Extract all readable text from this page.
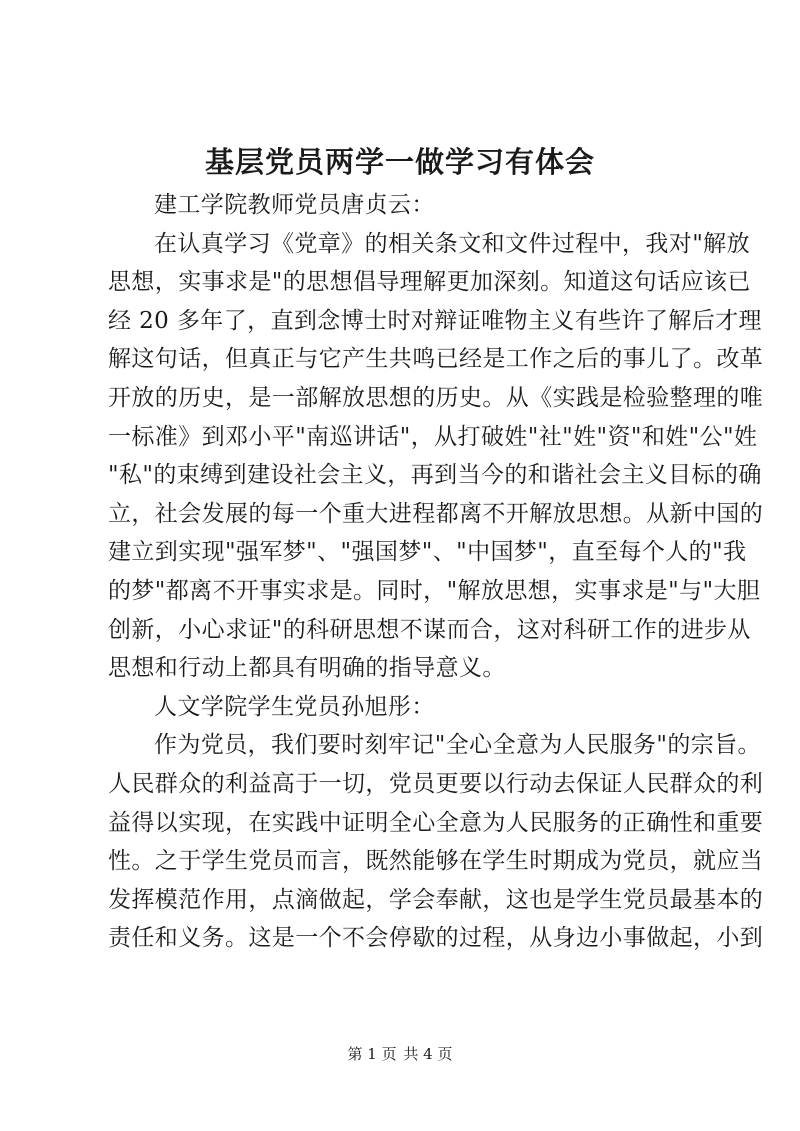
基层党员两学一做学习有体会
建工学院教师党员唐贞云：
在认真学习《党章》的相关条文和文件过程中，我对"解放
思想，实事求是"的思想倡导理解更加深刻。知道这句话应该已
经 20 多年了，直到念博士时对辩证唯物主义有些许了解后才理
解这句话，但真正与它产生共鸣已经是工作之后的事儿了。改革
开放的历史，是一部解放思想的历史。从《实践是检验整理的唯
一标准》到邓小平"南巡讲话"，从打破姓"社"姓"资"和姓"公"姓
"私"的束缚到建设社会主义，再到当今的和谐社会主义目标的确
立，社会发展的每一个重大进程都离不开解放思想。从新中国的
建立到实现"强军梦"、"强国梦"、"中国梦"，直至每个人的"我
的梦"都离不开事实求是。同时，"解放思想，实事求是"与"大胆
创新，小心求证"的科研思想不谋而合，这对科研工作的进步从
思想和行动上都具有明确的指导意义。
人文学院学生党员孙旭彤：
作为党员，我们要时刻牢记"全心全意为人民服务"的宗旨。
人民群众的利益高于一切，党员更要以行动去保证人民群众的利
益得以实现，在实践中证明全心全意为人民服务的正确性和重要
性。之于学生党员而言，既然能够在学生时期成为党员，就应当
发挥模范作用，点滴做起，学会奉献，这也是学生党员最基本的
责任和义务。这是一个不会停歇的过程，从身边小事做起，小到
第 1 页 共 4 页
